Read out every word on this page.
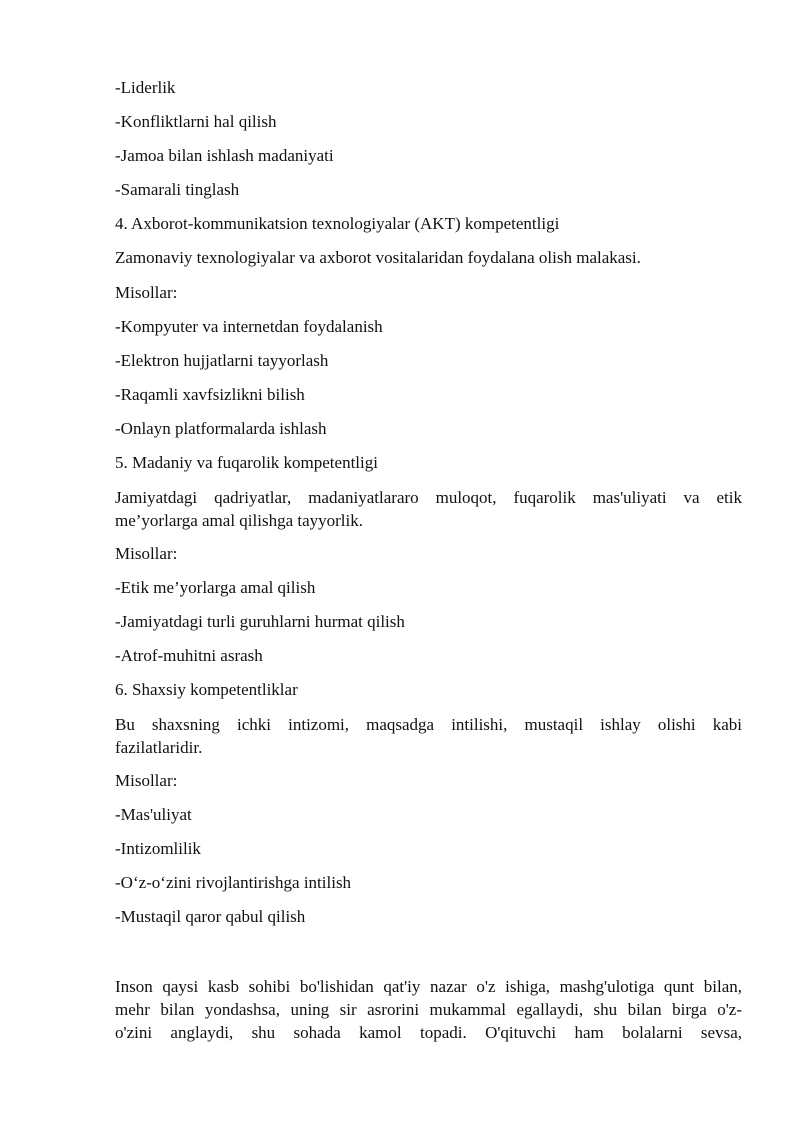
-Liderlik
-Konfliktlarni hal qilish
-Jamoa bilan ishlash madaniyati
-Samarali tinglash
4. Axborot-kommunikatsion texnologiyalar (AKT) kompetentligi
Zamonaviy texnologiyalar va axborot vositalaridan foydalana olish malakasi.
Misollar:
-Kompyuter va internetdan foydalanish
-Elektron hujjatlarni tayyorlash
-Raqamli xavfsizlikni bilish
-Onlayn platformalarda ishlash
5. Madaniy va fuqarolik kompetentligi
Jamiyatdagi qadriyatlar, madaniyatlararo muloqot, fuqarolik mas'uliyati va etik
me’yorlarga amal qilishga tayyorlik.
Misollar:
-Etik me’yorlarga amal qilish
-Jamiyatdagi turli guruhlarni hurmat qilish
-Atrof-muhitni asrash
6. Shaxsiy kompetentliklar
Bu shaxsning ichki intizomi, maqsadga intilishi, mustaqil ishlay olishi kabi
fazilatlaridir.
Misollar:
-Mas'uliyat
-Intizomlilik
-O‘z-o‘zini rivojlantirishga intilish
-Mustaqil qaror qabul qilish
Inson qaysi kasb sohibi bo'lishidan qat'iy nazar o'z ishiga, mashg'ulotiga qunt bilan,
mehr bilan yondashsa, uning sir asrorini mukammal egallaydi, shu bilan birga o'z-
o'zini anglaydi, shu sohada kamol topadi. O'qituvchi ham bolalarni sevsa,
